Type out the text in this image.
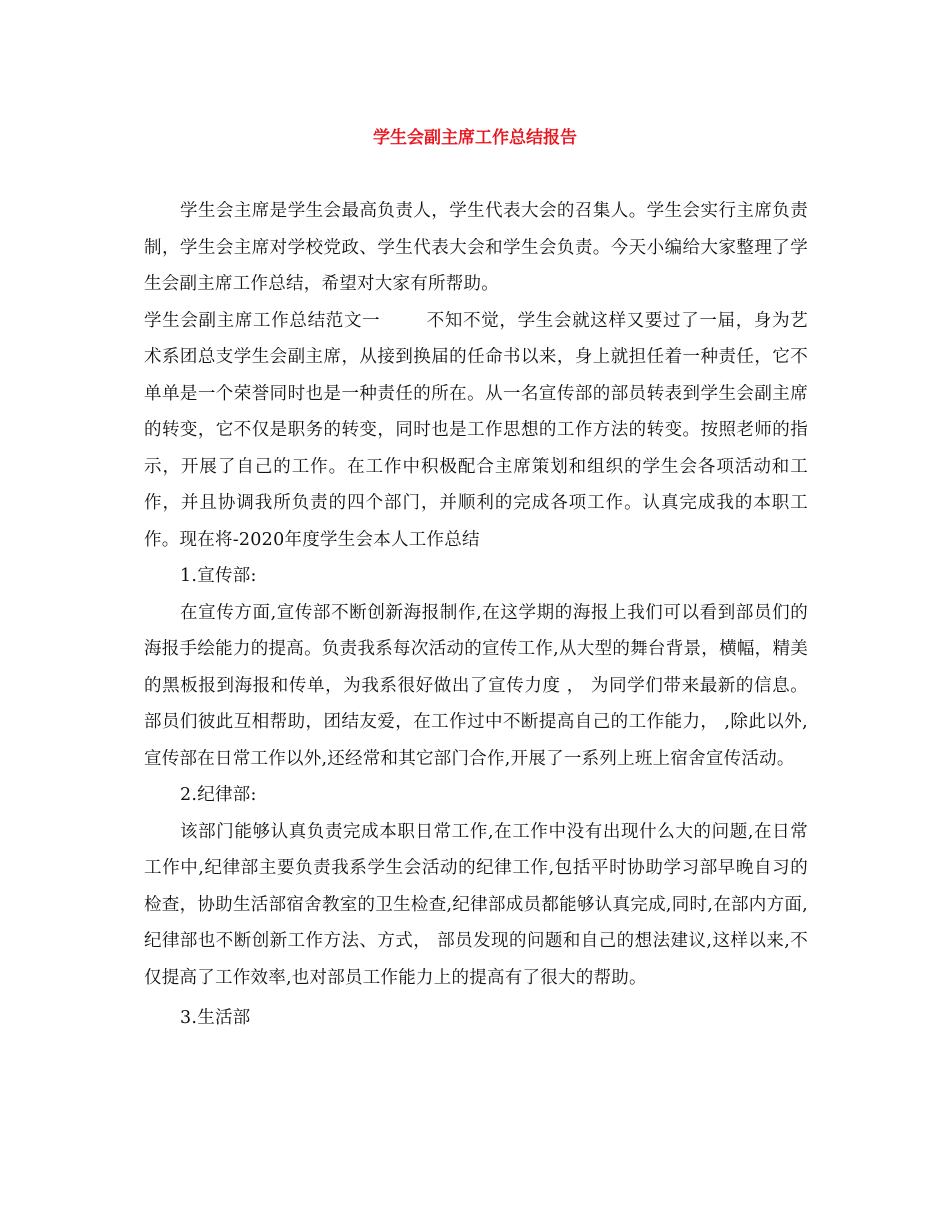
学生会副主席工作总结报告

学生会主席是学生会最高负责人，学生代表大会的召集人。学生会实行主席负责制，学生会主席对学校党政、学生代表大会和学生会负责。今天小编给大家整理了学生会副主席工作总结，希望对大家有所帮助。

学生会副主席工作总结范文一	不知不觉，学生会就这样又要过了一届，身为艺术系团总支学生会副主席，从接到换届的任命书以来，身上就担任着一种责任，它不单单是一个荣誉同时也是一种责任的所在。从一名宣传部的部员转表到学生会副主席的转变，它不仅是职务的转变，同时也是工作思想的工作方法的转变。按照老师的指示，开展了自己的工作。在工作中积极配合主席策划和组织的学生会各项活动和工作，并且协调我所负责的四个部门，并顺利的完成各项工作。认真完成我的本职工作。现在将-2020年度学生会本人工作总结

1.宣传部:

在宣传方面,宣传部不断创新海报制作,在这学期的海报上我们可以看到部员们的海报手绘能力的提高。负责我系每次活动的宣传工作,从大型的舞台背景，横幅，精美的黑板报到海报和传单，为我系很好做出了宣传力度 ， 为同学们带来最新的信息。部员们彼此互相帮助，团结友爱，在工作过中不断提高自己的工作能力， ,除此以外,宣传部在日常工作以外,还经常和其它部门合作,开展了一系列上班上宿舍宣传活动。

2.纪律部:

该部门能够认真负责完成本职日常工作,在工作中没有出现什么大的问题,在日常工作中,纪律部主要负责我系学生会活动的纪律工作,包括平时协助学习部早晚自习的检查，协助生活部宿舍教室的卫生检查,纪律部成员都能够认真完成,同时,在部内方面,纪律部也不断创新工作方法、方式， 部员发现的问题和自己的想法建议,这样以来,不仅提高了工作效率,也对部员工作能力上的提高有了很大的帮助。

3.生活部
